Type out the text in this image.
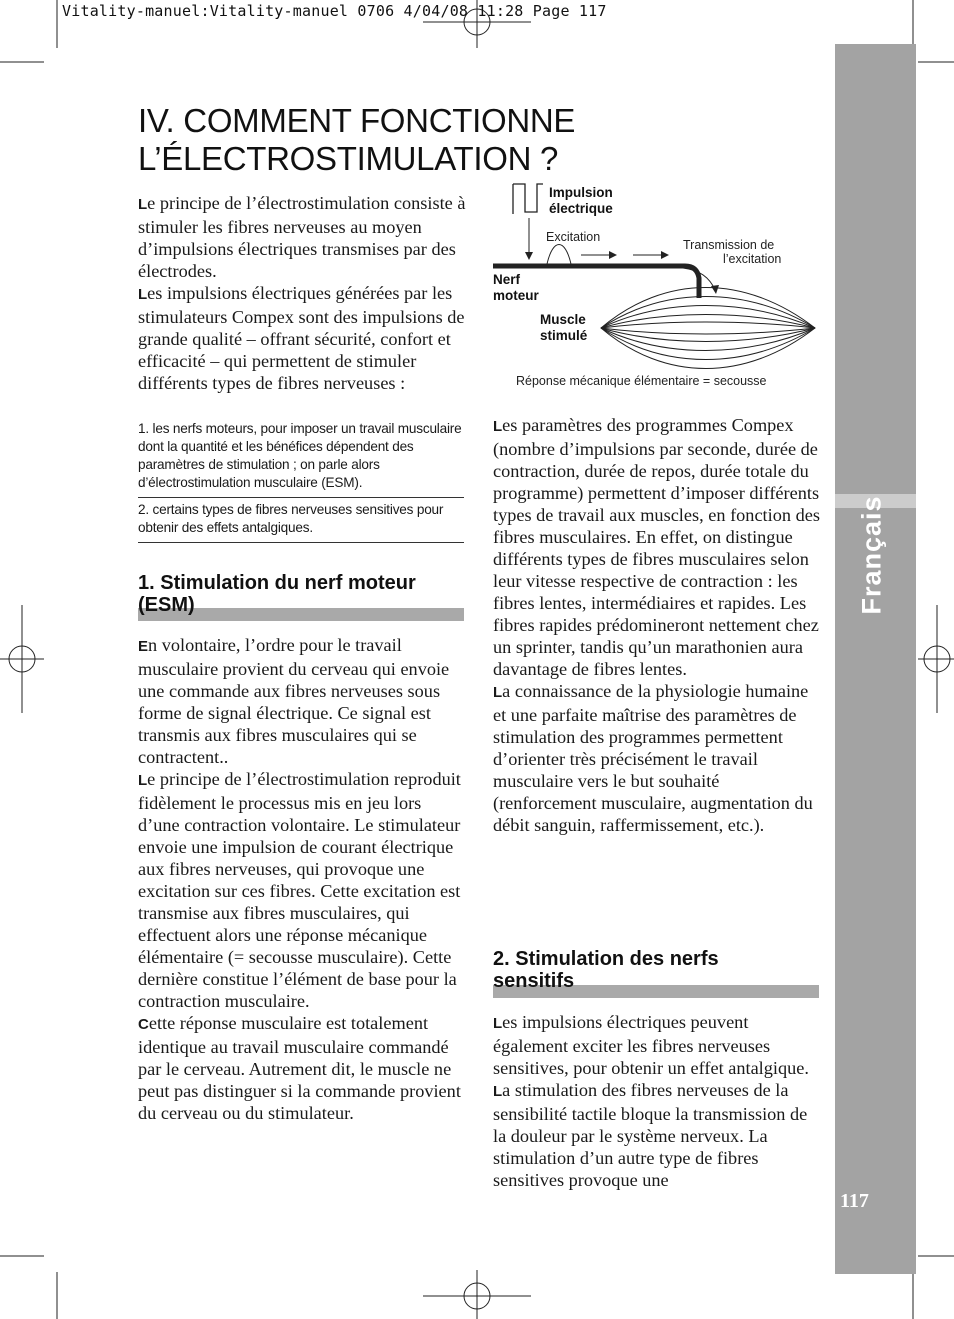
Vitality-manuel:Vitality-manuel 0706 4/04/08 11:28 Page 117
Français
117
IV. COMMENT FONCTIONNE
L’ÉLECTROSTIMULATION ?

Le principe de l’électrostimulation consiste à stimuler les fibres nerveuses au moyen d’impulsions électriques transmises par des électrodes.

Les impulsions électriques générées par les stimulateurs Compex sont des impulsions de grande qualité – offrant sécurité, confort et efficacité – qui permettent de stimuler différents types de fibres nerveuses :

1. les nerfs moteurs, pour imposer un travail musculaire dont la quantité et les bénéfices dépendent des paramètres de stimulation ; on parle alors d’électrostimulation musculaire (ESM).
2. certains types de fibres nerveuses sensitives pour obtenir des effets antalgiques.
1. Stimulation du nerf moteur (ESM)

En volontaire, l’ordre pour le travail musculaire provient du cerveau qui envoie une commande aux fibres nerveuses sous forme de signal électrique. Ce signal est transmis aux fibres musculaires qui se contractent..

Le principe de l’électrostimulation reproduit fidèlement le processus mis en jeu lors d’une contraction volontaire. Le stimulateur envoie une impulsion de courant électrique aux fibres nerveuses, qui provoque une excitation sur ces fibres. Cette excitation est transmise aux fibres musculaires, qui effectuent alors une réponse mécanique élémentaire (= secousse musculaire). Cette dernière constitue l’élément de base pour la contraction musculaire.

Cette réponse musculaire est totalement identique au travail musculaire commandé par le cerveau. Autrement dit, le muscle ne peut pas distinguer si la commande provient du cerveau ou du stimulateur.

Impulsion
électrique
Excitation
Transmission de
l’excitation
Nerf
moteur
Muscle
stimulé
Réponse mécanique élémentaire = secousse

Les paramètres des programmes Compex (nombre d’impulsions par seconde, durée de contraction, durée de repos, durée totale du programme) permettent d’imposer différents types de travail aux muscles, en fonction des fibres musculaires. En effet, on distingue différents types de fibres musculaires selon leur vitesse respective de contraction : les fibres lentes, intermédiaires et rapides. Les fibres rapides prédomineront nettement chez un sprinter, tandis qu’un marathonien aura davantage de fibres lentes.

La connaissance de la physiologie humaine et une parfaite maîtrise des paramètres de stimulation des programmes permettent d’orienter très précisément le travail musculaire vers le but souhaité (renforcement musculaire, augmentation du débit sanguin, raffermissement, etc.).

2. Stimulation des nerfs sensitifs

Les impulsions électriques peuvent également exciter les fibres nerveuses sensitives, pour obtenir un effet antalgique.

La stimulation des fibres nerveuses de la sensibilité tactile bloque la transmission de la douleur par le système nerveux. La stimulation d’un autre type de fibres sensitives provoque une
